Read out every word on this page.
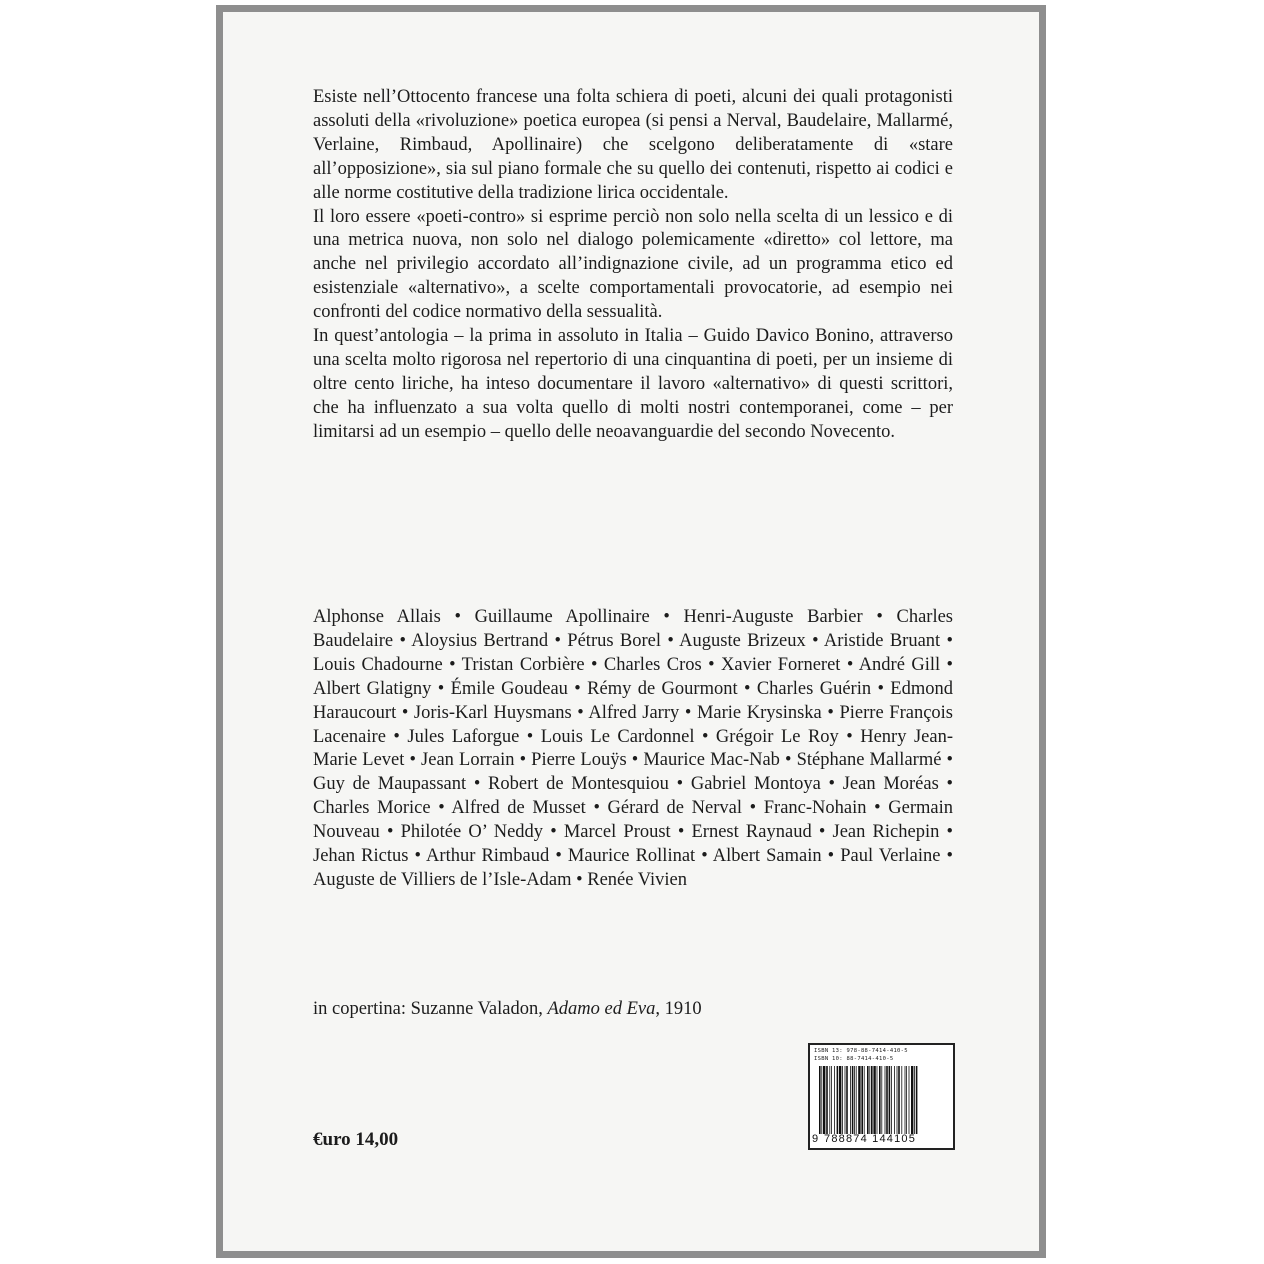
Esiste nell’Ottocento francese una folta schiera di poeti, alcuni dei quali protagonisti assoluti della «rivoluzione» poetica europea (si pensi a Nerval, Baudelaire, Mallarmé, Verlaine, Rimbaud, Apollinaire) che scelgono deliberatamente di «stare all’opposizione», sia sul piano formale che su quello dei contenuti, rispetto ai codici e alle norme costitutive della tradizione lirica occidentale.

Il loro essere «poeti-contro» si esprime perciò non solo nella scelta di un lessico e di una metrica nuova, non solo nel dialogo polemicamente «diretto» col lettore, ma anche nel privilegio accordato all’indignazione civile, ad un programma etico ed esistenziale «alternativo», a scelte comportamentali provocatorie, ad esempio nei confronti del codice normativo della sessualità.

In quest’antologia – la prima in assoluto in Italia – Guido Davico Bonino, attraverso una scelta molto rigorosa nel repertorio di una cinquantina di poeti, per un insieme di oltre cento liriche, ha inteso documentare il lavoro «alternativo» di questi scrittori, che ha influenzato a sua volta quello di molti nostri contemporanei, come – per limitarsi ad un esempio – quello delle neoavanguardie del secondo Novecento.

Alphonse Allais • Guillaume Apollinaire • Henri-Auguste Barbier • Charles Baudelaire • Aloysius Bertrand • Pétrus Borel • Auguste Brizeux • Aristide Bruant • Louis Chadourne • Tristan Corbière • Charles Cros • Xavier Forneret • André Gill • Albert Glatigny • Émile Goudeau • Rémy de Gourmont • Charles Guérin • Edmond Haraucourt • Joris-Karl Huysmans • Alfred Jarry • Marie Krysinska • Pierre François Lacenaire • Jules Laforgue • Louis Le Cardonnel • Grégoir Le Roy • Henry Jean-Marie Levet • Jean Lorrain • Pierre Louÿs • Maurice Mac-Nab • Stéphane Mallarmé • Guy de Maupassant • Robert de Montesquiou • Gabriel Montoya • Jean Moréas • Charles Morice • Alfred de Musset • Gérard de Nerval • Franc-Nohain • Germain Nouveau • Philotée O’ Neddy • Marcel Proust • Ernest Raynaud • Jean Richepin • Jehan Rictus • Arthur Rimbaud • Maurice Rollinat • Albert Samain • Paul Verlaine • Auguste de Villiers de l’Isle-Adam • Renée Vivien

in copertina: Suzanne Valadon, Adamo ed Eva, 1910
€uro 14,00
ISBN 13: 978-88-7414-410-5
ISBN 10: 88-7414-410-5
9 788874 144105
